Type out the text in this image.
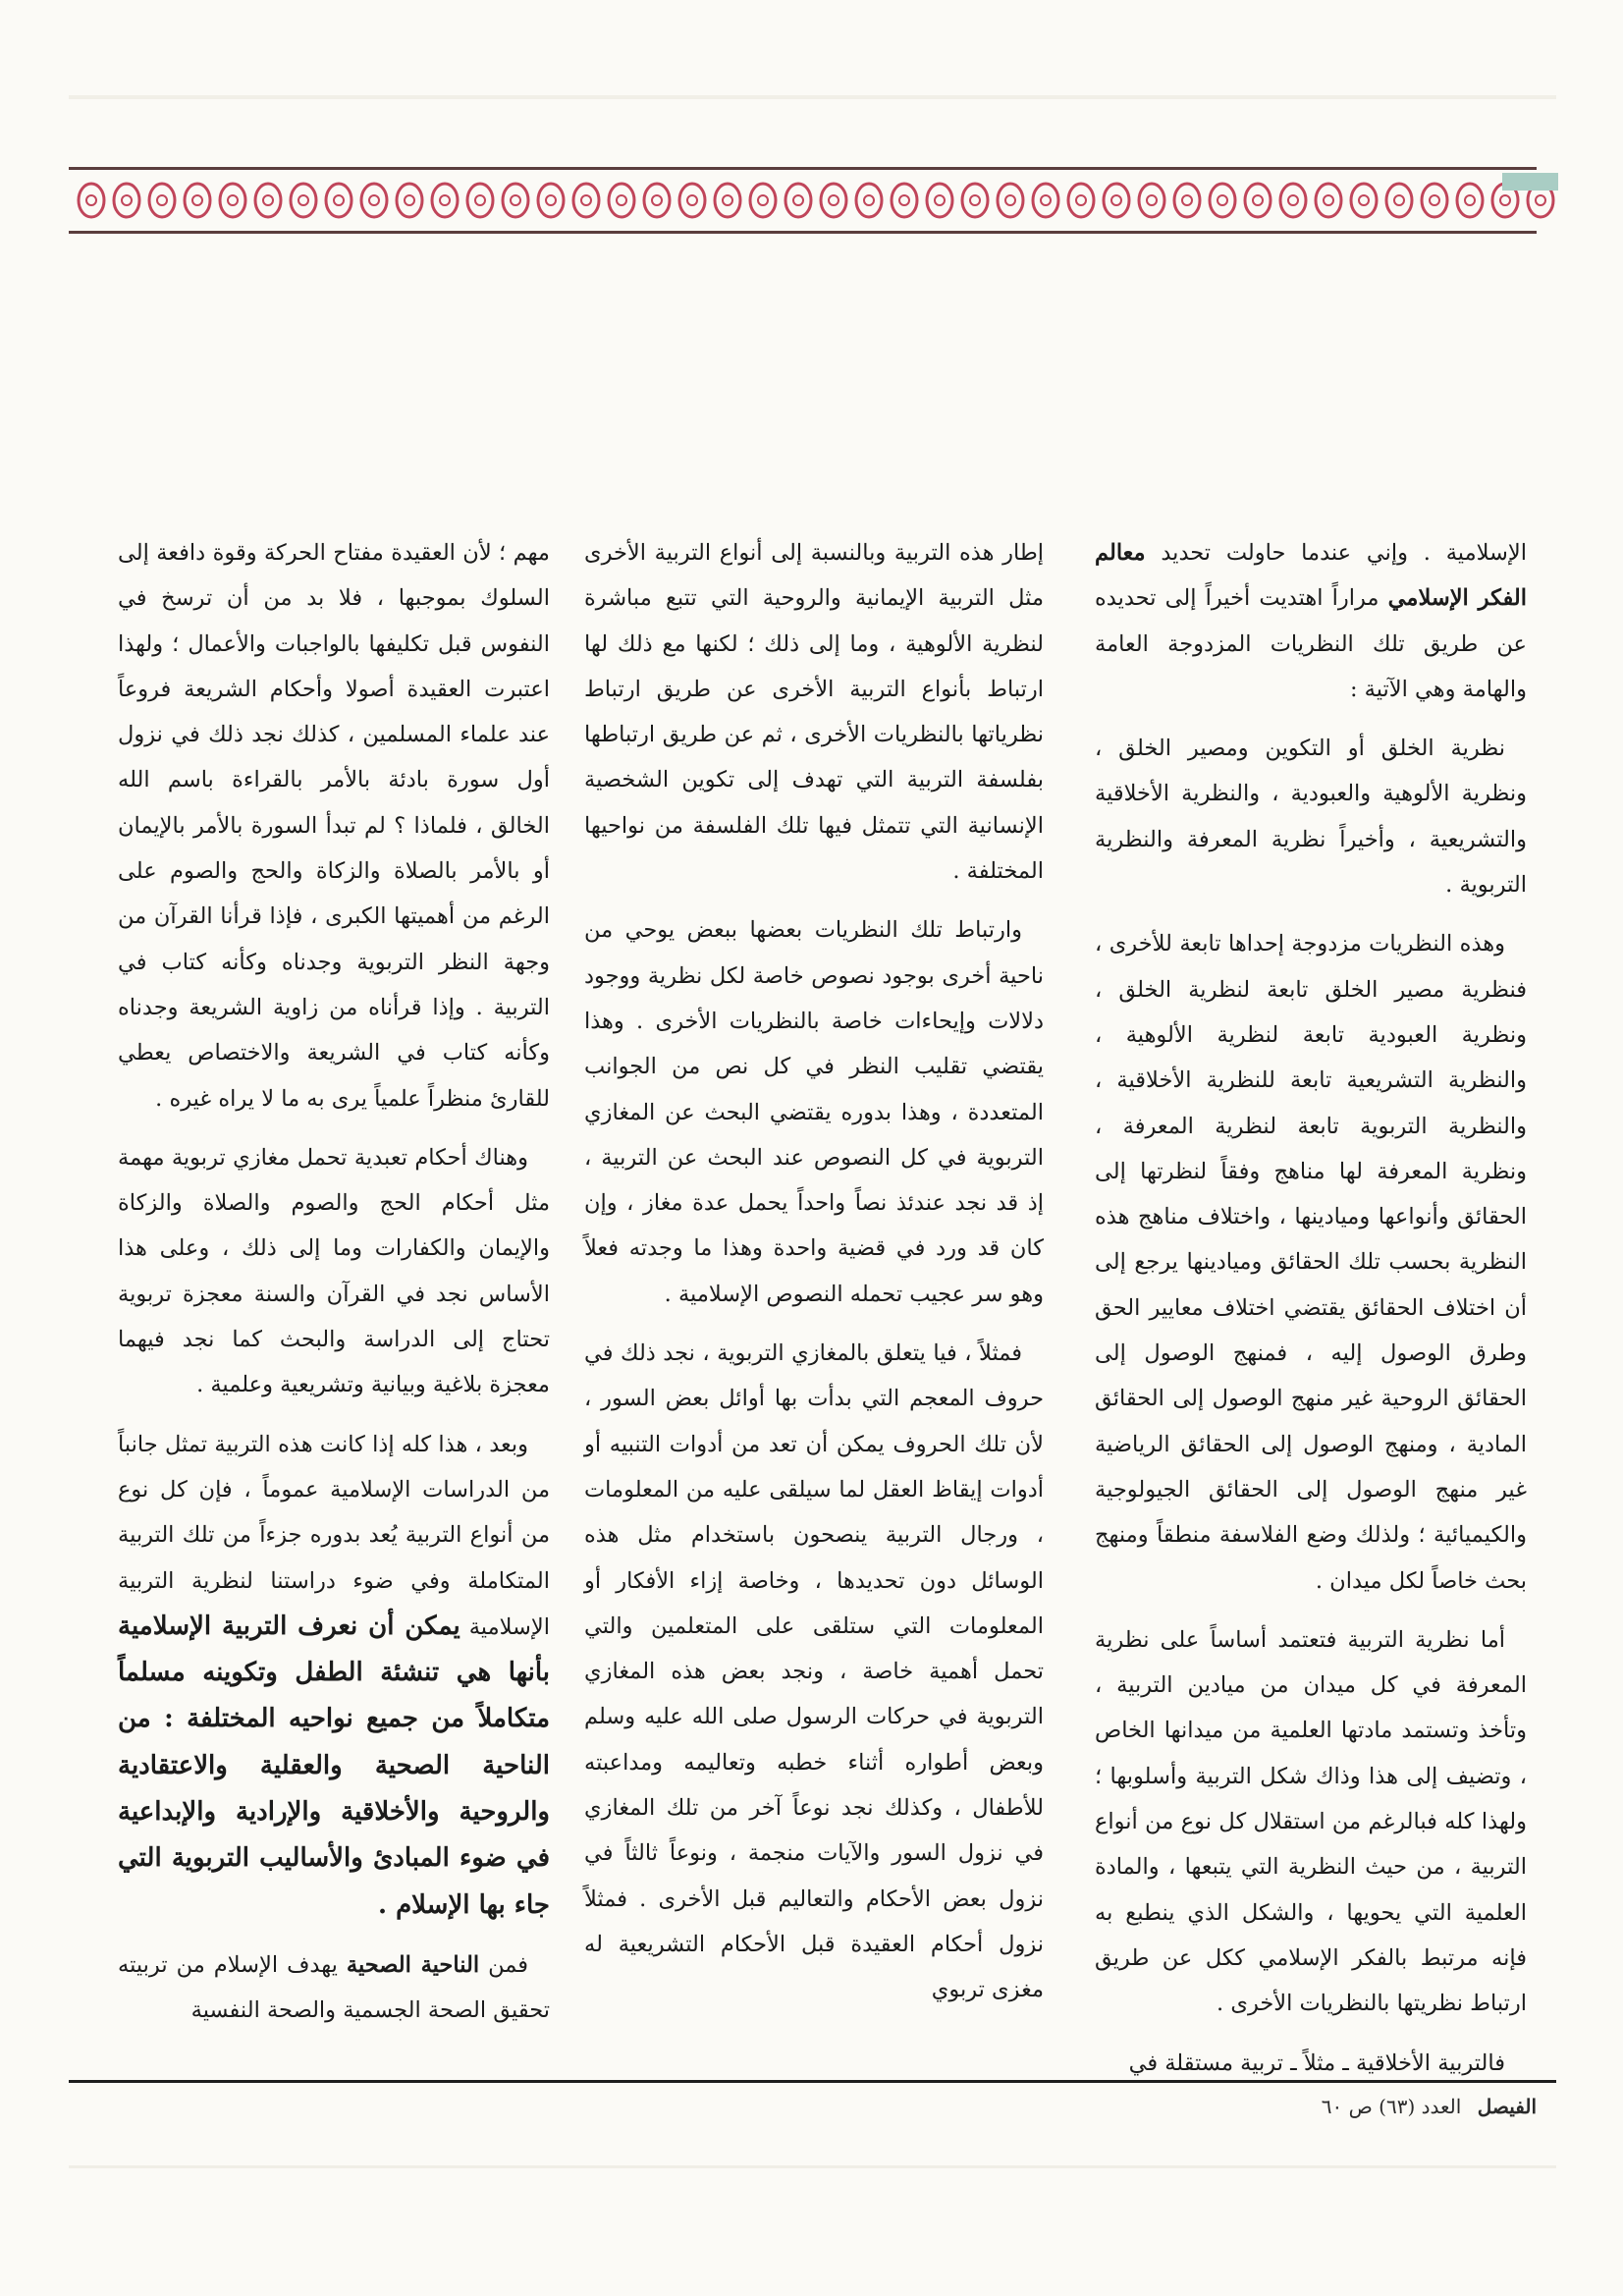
الإسلامية . وإني عندما حاولت تحديد معالم الفكر الإسلامي مراراً اهتديت أخيراً إلى تحديده عن طريق تلك النظريات المزدوجة العامة والهامة وهي الآتية :

نظرية الخلق أو التكوين ومصير الخلق ، ونظرية الألوهية والعبودية ، والنظرية الأخلاقية والتشريعية ، وأخيراً نظرية المعرفة والنظرية التربوية .

وهذه النظريات مزدوجة إحداها تابعة للأخرى ، فنظرية مصير الخلق تابعة لنظرية الخلق ، ونظرية العبودية تابعة لنظرية الألوهية ، والنظرية التشريعية تابعة للنظرية الأخلاقية ، والنظرية التربوية تابعة لنظرية المعرفة ، ونظرية المعرفة لها مناهج وفقاً لنظرتها إلى الحقائق وأنواعها وميادينها ، واختلاف مناهج هذه النظرية بحسب تلك الحقائق وميادينها يرجع إلى أن اختلاف الحقائق يقتضي اختلاف معايير الحق وطرق الوصول إليه ، فمنهج الوصول إلى الحقائق الروحية غير منهج الوصول إلى الحقائق المادية ، ومنهج الوصول إلى الحقائق الرياضية غير منهج الوصول إلى الحقائق الجيولوجية والكيميائية ؛ ولذلك وضع الفلاسفة منطقاً ومنهج بحث خاصاً لكل ميدان .

أما نظرية التربية فتعتمد أساساً على نظرية المعرفة في كل ميدان من ميادين التربية ، وتأخذ وتستمد مادتها العلمية من ميدانها الخاص ، وتضيف إلى هذا وذاك شكل التربية وأسلوبها ؛ ولهذا كله فبالرغم من استقلال كل نوع من أنواع التربية ، من حيث النظرية التي يتبعها ، والمادة العلمية التي يحويها ، والشكل الذي ينطبع به فإنه مرتبط بالفكر الإسلامي ككل عن طريق ارتباط نظريتها بالنظريات الأخرى .

فالتربية الأخلاقية ـ مثلاً ـ تربية مستقلة في

إطار هذه التربية وبالنسبة إلى أنواع التربية الأخرى مثل التربية الإيمانية والروحية التي تتبع مباشرة لنظرية الألوهية ، وما إلى ذلك ؛ لكنها مع ذلك لها ارتباط بأنواع التربية الأخرى عن طريق ارتباط نظرياتها بالنظريات الأخرى ، ثم عن طريق ارتباطها بفلسفة التربية التي تهدف إلى تكوين الشخصية الإنسانية التي تتمثل فيها تلك الفلسفة من نواحيها المختلفة .

وارتباط تلك النظريات بعضها ببعض يوحي من ناحية أخرى بوجود نصوص خاصة لكل نظرية ووجود دلالات وإيحاءات خاصة بالنظريات الأخرى . وهذا يقتضي تقليب النظر في كل نص من الجوانب المتعددة ، وهذا بدوره يقتضي البحث عن المغازي التربوية في كل النصوص عند البحث عن التربية ، إذ قد نجد عندئذ نصاً واحداً يحمل عدة مغاز ، وإن كان قد ورد في قضية واحدة وهذا ما وجدته فعلاً وهو سر عجيب تحمله النصوص الإسلامية .

فمثلاً ، فيا يتعلق بالمغازي التربوية ، نجد ذلك في حروف المعجم التي بدأت بها أوائل بعض السور ، لأن تلك الحروف يمكن أن تعد من أدوات التنبيه أو أدوات إيقاظ العقل لما سيلقى عليه من المعلومات ، ورجال التربية ينصحون باستخدام مثل هذه الوسائل دون تحديدها ، وخاصة إزاء الأفكار أو المعلومات التي ستلقى على المتعلمين والتي تحمل أهمية خاصة ، ونجد بعض هذه المغازي التربوية في حركات الرسول صلى الله عليه وسلم وبعض أطواره أثناء خطبه وتعاليمه ومداعبته للأطفال ، وكذلك نجد نوعاً آخر من تلك المغازي في نزول السور والآيات منجمة ، ونوعاً ثالثاً في نزول بعض الأحكام والتعاليم قبل الأخرى . فمثلاً نزول أحكام العقيدة قبل الأحكام التشريعية له مغزى تربوي

مهم ؛ لأن العقيدة مفتاح الحركة وقوة دافعة إلى السلوك بموجبها ، فلا بد من أن ترسخ في النفوس قبل تكليفها بالواجبات والأعمال ؛ ولهذا اعتبرت العقيدة أصولا وأحكام الشريعة فروعاً عند علماء المسلمين ، كذلك نجد ذلك في نزول أول سورة بادئة بالأمر بالقراءة باسم الله الخالق ، فلماذا ؟ لم تبدأ السورة بالأمر بالإيمان أو بالأمر بالصلاة والزكاة والحج والصوم على الرغم من أهميتها الكبرى ، فإذا قرأنا القرآن من وجهة النظر التربوية وجدناه وكأنه كتاب في التربية . وإذا قرأناه من زاوية الشريعة وجدناه وكأنه كتاب في الشريعة والاختصاص يعطي للقارئ منظراً علمياً يرى به ما لا يراه غيره .

وهناك أحكام تعبدية تحمل مغازي تربوية مهمة مثل أحكام الحج والصوم والصلاة والزكاة والإيمان والكفارات وما إلى ذلك ، وعلى هذا الأساس نجد في القرآن والسنة معجزة تربوية تحتاج إلى الدراسة والبحث كما نجد فيهما معجزة بلاغية وبيانية وتشريعية وعلمية .

وبعد ، هذا كله إذا كانت هذه التربية تمثل جانباً من الدراسات الإسلامية عموماً ، فإن كل نوع من أنواع التربية يُعد بدوره جزءاً من تلك التربية المتكاملة وفي ضوء دراستنا لنظرية التربية الإسلامية يمكن أن نعرف التربية الإسلامية بأنها هي تنشئة الطفل وتكوينه مسلماً متكاملاً من جميع نواحيه المختلفة : من الناحية الصحية والعقلية والاعتقادية والروحية والأخلاقية والإرادية والإبداعية في ضوء المبادئ والأساليب التربوية التي جاء بها الإسلام .

فمن الناحية الصحية يهدف الإسلام من تربيته تحقيق الصحة الجسمية والصحة النفسية

الفيصل العدد (٦٣) ص ٦٠
